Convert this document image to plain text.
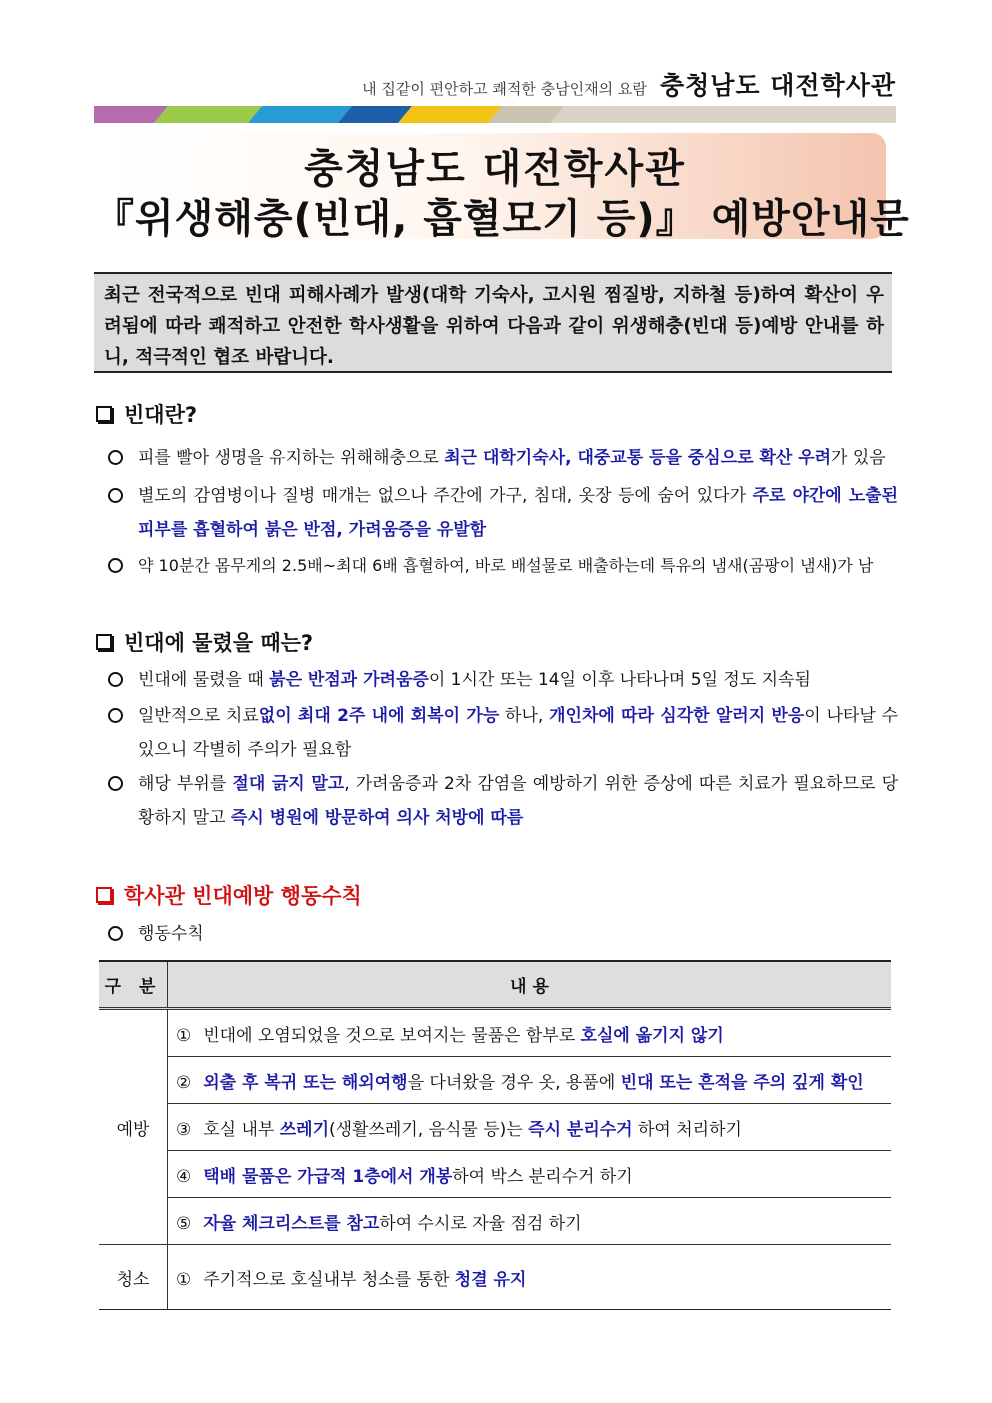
내 집같이 편안하고 쾌적한 충남인재의 요람 충청남도 대전학사관
충청남도 대전학사관
『위생해충(빈대, 흡혈모기 등)』 예방안내문
최근 전국적으로 빈대 피해사례가 발생(대학 기숙사, 고시원 찜질방, 지하철 등)하여 확산이 우려됨에 따라 쾌적하고 안전한 학사생활을 위하여 다음과 같이 위생해충(빈대 등)예방 안내를 하니, 적극적인 협조 바랍니다.
빈대란?
피를 빨아 생명을 유지하는 위해해충으로 최근 대학기숙사, 대중교통 등을 중심으로 확산 우려가 있음
별도의 감염병이나 질병 매개는 없으나 주간에 가구, 침대, 옷장 등에 숨어 있다가 주로 야간에 노출된 피부를 흡혈하여 붉은 반점, 가려움증을 유발함
약 10분간 몸무게의 2.5배~최대 6배 흡혈하여, 바로 배설물로 배출하는데 특유의 냄새(곰팡이 냄새)가 남
빈대에 물렸을 때는?
빈대에 물렸을 때 붉은 반점과 가려움증이 1시간 또는 14일 이후 나타나며 5일 정도 지속됨
일반적으로 치료없이 최대 2주 내에 회복이 가능 하나, 개인차에 따라 심각한 알러지 반응이 나타날 수 있으니 각별히 주의가 필요함
해당 부위를 절대 긁지 말고, 가려움증과 2차 감염을 예방하기 위한 증상에 따른 치료가 필요하므로 당황하지 말고 즉시 병원에 방문하여 의사 처방에 따름
학사관 빈대예방 행동수칙
행동수칙
구 분	내 용
예방	① 빈대에 오염되었을 것으로 보여지는 물품은 함부로 호실에 옮기지 않기
	② 외출 후 복귀 또는 해외여행을 다녀왔을 경우 옷, 용품에 빈대 또는 흔적을 주의 깊게 확인
	③ 호실 내부 쓰레기(생활쓰레기, 음식물 등)는 즉시 분리수거 하여 처리하기
	④ 택배 물품은 가급적 1층에서 개봉하여 박스 분리수거 하기
	⑤ 자율 체크리스트를 참고하여 수시로 자율 점검 하기
청소	① 주기적으로 호실내부 청소를 통한 청결 유지
